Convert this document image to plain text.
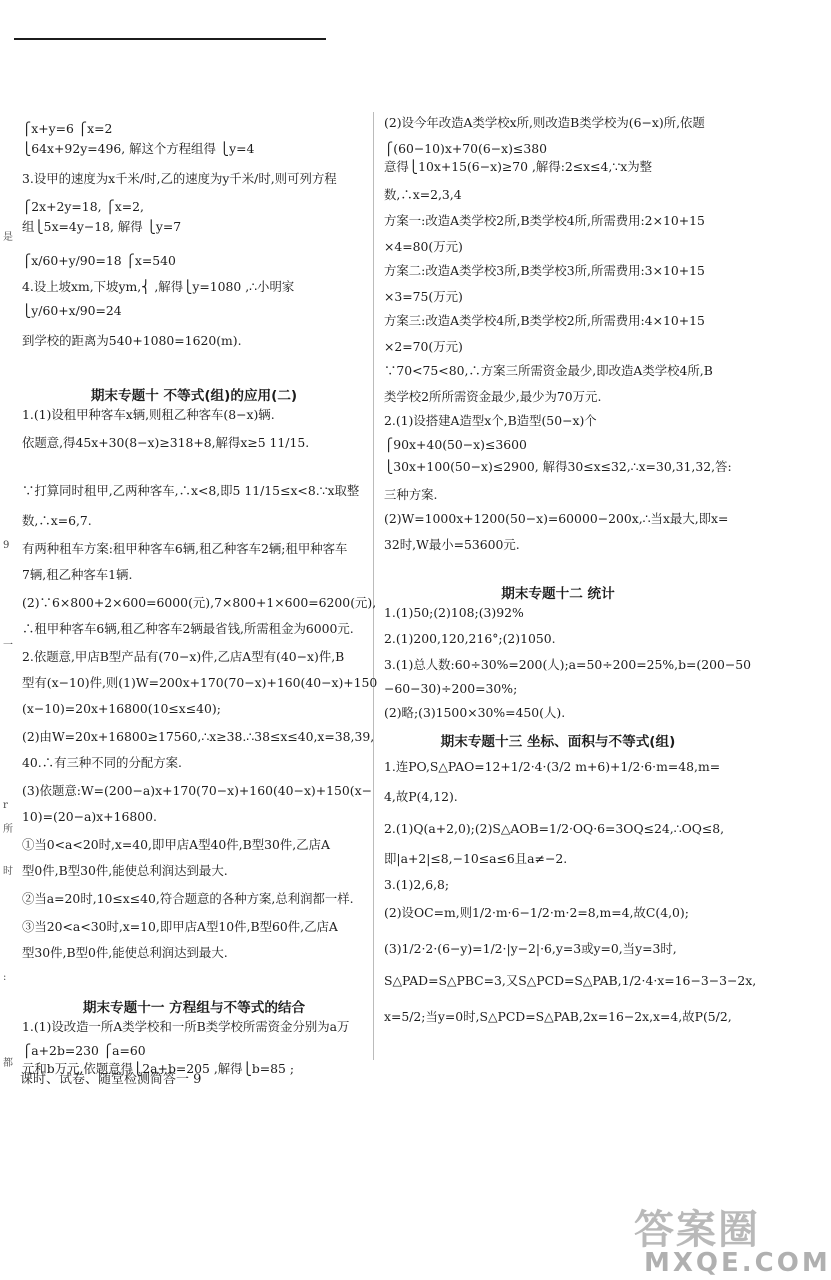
是
9
一
r
所
时
:
都
⎧x+y=6 ⎧x=2
⎩64x+92y=496, 解这个方程组得 ⎩y=4
3.设甲的速度为x千米/时,乙的速度为y千米/时,则可列方程
⎧2x+2y=18, ⎧x=2,
组⎩5x=4y−18, 解得 ⎩y=7
⎧x/60+y/90=18 ⎧x=540
4.设上坡xm,下坡ym,⎨ ,解得⎩y=1080 ,∴小明家
⎩y/60+x/90=24
到学校的距离为540+1080=1620(m).
期末专题十 不等式(组)的应用(二)
1.(1)设租甲种客车x辆,则租乙种客车(8−x)辆.
依题意,得45x+30(8−x)≥318+8,解得x≥5 11/15.
∵打算同时租甲,乙两种客车,∴x<8,即5 11/15≤x<8.∵x取整
数,∴x=6,7.
有两种租车方案:租甲种客车6辆,租乙种客车2辆;租甲种客车
7辆,租乙种客车1辆.
(2)∵6×800+2×600=6000(元),7×800+1×600=6200(元),
∴租甲种客车6辆,租乙种客车2辆最省钱,所需租金为6000元.
2.依题意,甲店B型产品有(70−x)件,乙店A型有(40−x)件,B
型有(x−10)件,则(1)W=200x+170(70−x)+160(40−x)+150
(x−10)=20x+16800(10≤x≤40);
(2)由W=20x+16800≥17560,∴x≥38.∴38≤x≤40,x=38,39,
40.∴有三种不同的分配方案.
(3)依题意:W=(200−a)x+170(70−x)+160(40−x)+150(x−
10)=(20−a)x+16800.
①当0<a<20时,x=40,即甲店A型40件,B型30件,乙店A
型0件,B型30件,能使总利润达到最大.
②当a=20时,10≤x≤40,符合题意的各种方案,总利润都一样.
③当20<a<30时,x=10,即甲店A型10件,B型60件,乙店A
型30件,B型0件,能使总利润达到最大.
期末专题十一 方程组与不等式的结合
1.(1)设改造一所A类学校和一所B类学校所需资金分别为a万
⎧a+2b=230 ⎧a=60
元和b万元,依题意得⎩2a+b=205 ,解得⎩b=85 ;
(2)设今年改造A类学校x所,则改造B类学校为(6−x)所,依题
⎧(60−10)x+70(6−x)≤380
意得⎩10x+15(6−x)≥70 ,解得:2≤x≤4,∵x为整
数,∴x=2,3,4
方案一:改造A类学校2所,B类学校4所,所需费用:2×10+15
×4=80(万元)
方案二:改造A类学校3所,B类学校3所,所需费用:3×10+15
×3=75(万元)
方案三:改造A类学校4所,B类学校2所,所需费用:4×10+15
×2=70(万元)
∵70<75<80,∴方案三所需资金最少,即改造A类学校4所,B
类学校2所所需资金最少,最少为70万元.
2.(1)设搭建A造型x个,B造型(50−x)个
⎧90x+40(50−x)≤3600
⎩30x+100(50−x)≤2900, 解得30≤x≤32,∴x=30,31,32,答:
三种方案.
(2)W=1000x+1200(50−x)=60000−200x,∴当x最大,即x=
32时,W最小=53600元.
期末专题十二 统计
1.(1)50;(2)108;(3)92%
2.(1)200,120,216°;(2)1050.
3.(1)总人数:60÷30%=200(人);a=50÷200=25%,b=(200−50
−60−30)÷200=30%;
(2)略;(3)1500×30%=450(人).
期末专题十三 坐标、面积与不等式(组)
1.连PO,S△PAO=12+1/2·4·(3/2 m+6)+1/2·6·m=48,m=
4,故P(4,12).
2.(1)Q(a+2,0);(2)S△AOB=1/2·OQ·6=3OQ≤24,∴OQ≤8,
即|a+2|≤8,−10≤a≤6且a≠−2.
3.(1)2,6,8;
(2)设OC=m,则1/2·m·6−1/2·m·2=8,m=4,故C(4,0);
(3)1/2·2·(6−y)=1/2·|y−2|·6,y=3或y=0,当y=3时,
S△PAD=S△PBC=3,又S△PCD=S△PAB,1/2·4·x=16−3−3−2x,
x=5/2;当y=0时,S△PCD=S△PAB,2x=16−2x,x=4,故P(5/2,
课时、试卷、随堂检测简答一 9
答案圈
MXQE.COM
